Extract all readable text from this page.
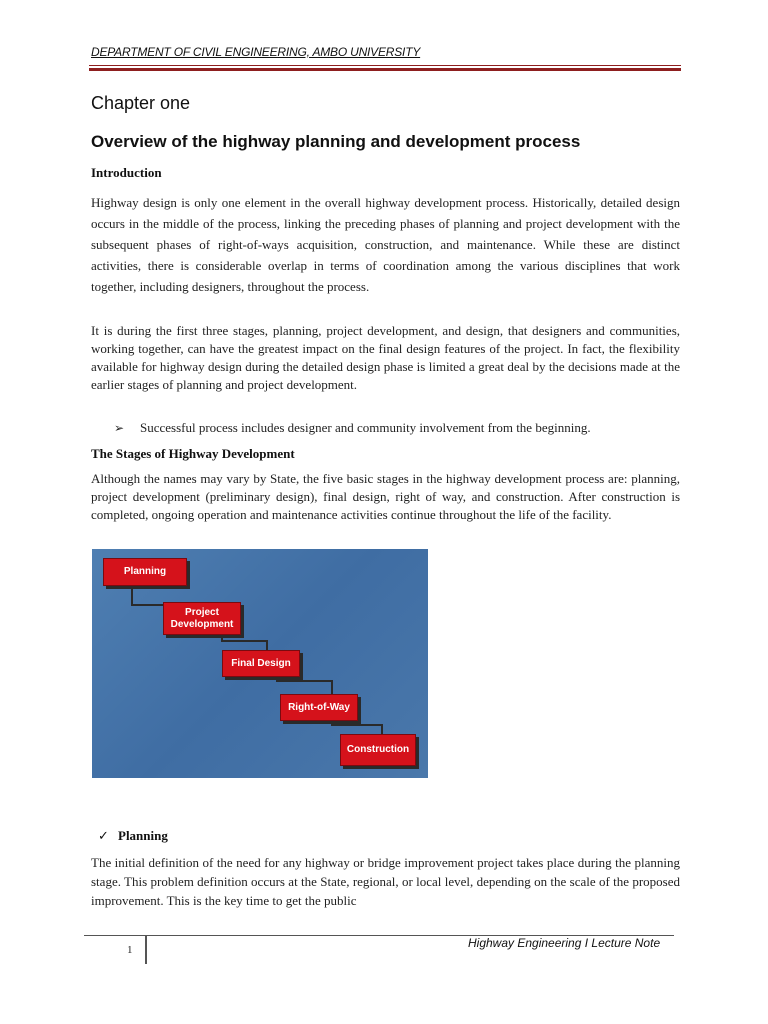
DEPARTMENT OF CIVIL ENGINEERING, AMBO UNIVERSITY
Chapter one
Overview of the highway planning and development process
Introduction
Highway design is only one element in the overall highway development process. Historically, detailed design occurs in the middle of the process, linking the preceding phases of planning and project development with the subsequent phases of right-of-ways acquisition, construction, and maintenance. While these are distinct activities, there is considerable overlap in terms of coordination among the various disciplines that work together, including designers, throughout the process.
It is during the first three stages, planning, project development, and design, that designers and communities, working together, can have the greatest impact on the final design features of the project. In fact, the flexibility available for highway design during the detailed design phase is limited a great deal by the decisions made at the earlier stages of planning and project development.
➢ Successful process includes designer and community involvement from the beginning.
The Stages of Highway Development
Although the names may vary by State, the five basic stages in the highway development process are: planning, project development (preliminary design), final design, right of way, and construction. After construction is completed, ongoing operation and maintenance activities continue throughout the life of the facility.
Planning
Project
Development
Final Design
Right-of-Way
Construction
✓ Planning
The initial definition of the need for any highway or bridge improvement project takes place during the planning stage. This problem definition occurs at the State, regional, or local level, depending on the scale of the proposed improvement. This is the key time to get the public
1	Highway Engineering I Lecture Note
